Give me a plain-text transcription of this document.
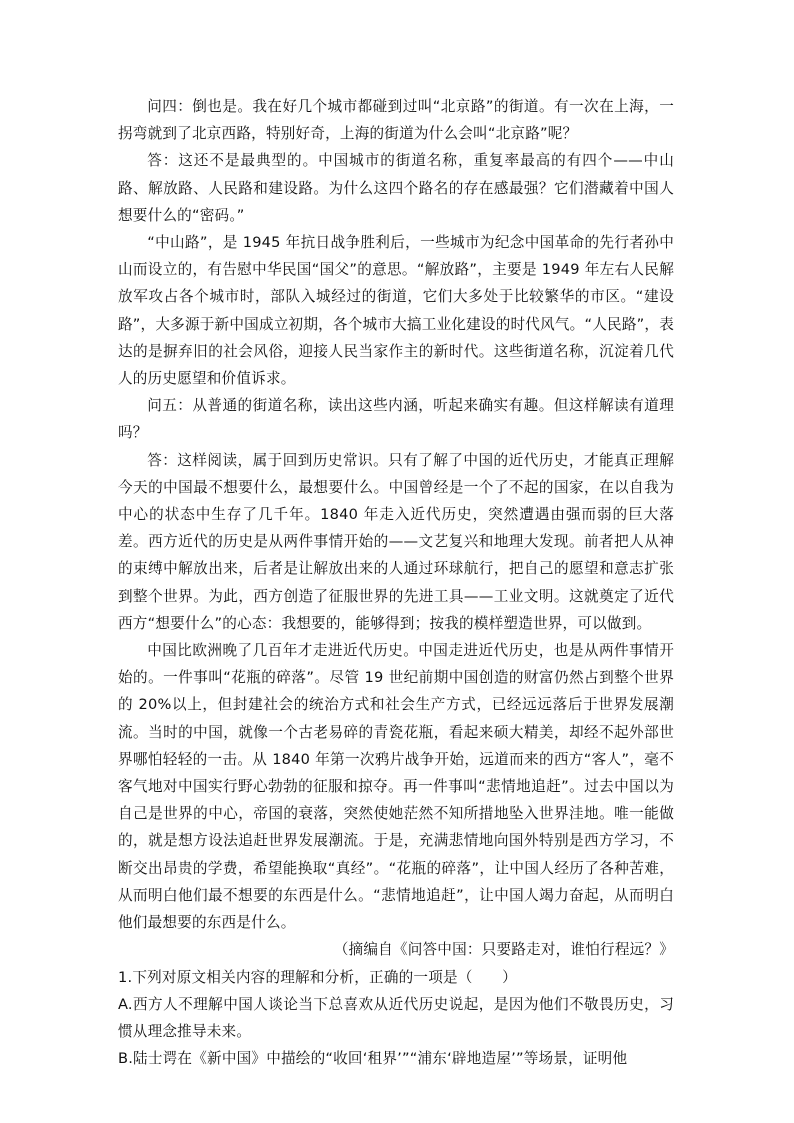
问四：倒也是。我在好几个城市都碰到过叫“北京路”的街道。有一次在上海，一拐弯就到了北京西路，特别好奇，上海的街道为什么会叫“北京路”呢？

答：这还不是最典型的。中国城市的街道名称，重复率最高的有四个——中山路、解放路、人民路和建设路。为什么这四个路名的存在感最强？它们潜藏着中国人想要什么的“密码。”

“中山路”，是 1945 年抗日战争胜利后，一些城市为纪念中国革命的先行者孙中山而设立的，有告慰中华民国“国父”的意思。“解放路”，主要是 1949 年左右人民解放军攻占各个城市时，部队入城经过的街道，它们大多处于比较繁华的市区。“建设路”，大多源于新中国成立初期，各个城市大搞工业化建设的时代风气。“人民路”，表达的是摒弃旧的社会风俗，迎接人民当家作主的新时代。这些街道名称，沉淀着几代人的历史愿望和价值诉求。

问五：从普通的街道名称，读出这些内涵，听起来确实有趣。但这样解读有道理吗？

答：这样阅读，属于回到历史常识。只有了解了中国的近代历史，才能真正理解今天的中国最不想要什么，最想要什么。中国曾经是一个了不起的国家，在以自我为中心的状态中生存了几千年。1840 年走入近代历史，突然遭遇由强而弱的巨大落差。西方近代的历史是从两件事情开始的——文艺复兴和地理大发现。前者把人从神的束缚中解放出来，后者是让解放出来的人通过环球航行，把自己的愿望和意志扩张到整个世界。为此，西方创造了征服世界的先进工具——工业文明。这就奠定了近代西方“想要什么”的心态：我想要的，能够得到；按我的模样塑造世界，可以做到。

中国比欧洲晚了几百年才走进近代历史。中国走进近代历史，也是从两件事情开始的。一件事叫“花瓶的碎落”。尽管 19 世纪前期中国创造的财富仍然占到整个世界的 20%以上，但封建社会的统治方式和社会生产方式，已经远远落后于世界发展潮流。当时的中国，就像一个古老易碎的青瓷花瓶，看起来硕大精美，却经不起外部世界哪怕轻轻的一击。从 1840 年第一次鸦片战争开始，远道而来的西方“客人”，毫不客气地对中国实行野心勃勃的征服和掠夺。再一件事叫“悲情地追赶”。过去中国以为自己是世界的中心，帝国的衰落，突然使她茫然不知所措地坠入世界洼地。唯一能做的，就是想方设法追赶世界发展潮流。于是，充满悲情地向国外特别是西方学习，不断交出昂贵的学费，希望能换取“真经”。“花瓶的碎落”，让中国人经历了各种苦难，从而明白他们最不想要的东西是什么。“悲情地追赶”，让中国人竭力奋起，从而明白他们最想要的东西是什么。

（摘编自《问答中国：只要路走对，谁怕行程远？》

1.下列对原文相关内容的理解和分析，正确的一项是（　　）

A.西方人不理解中国人谈论当下总喜欢从近代历史说起，是因为他们不敬畏历史，习惯从理念推导未来。

B.陆士谔在《新中国》中描绘的“收回‘租界’”“浦东‘辟地造屋’”等场景，证明他
